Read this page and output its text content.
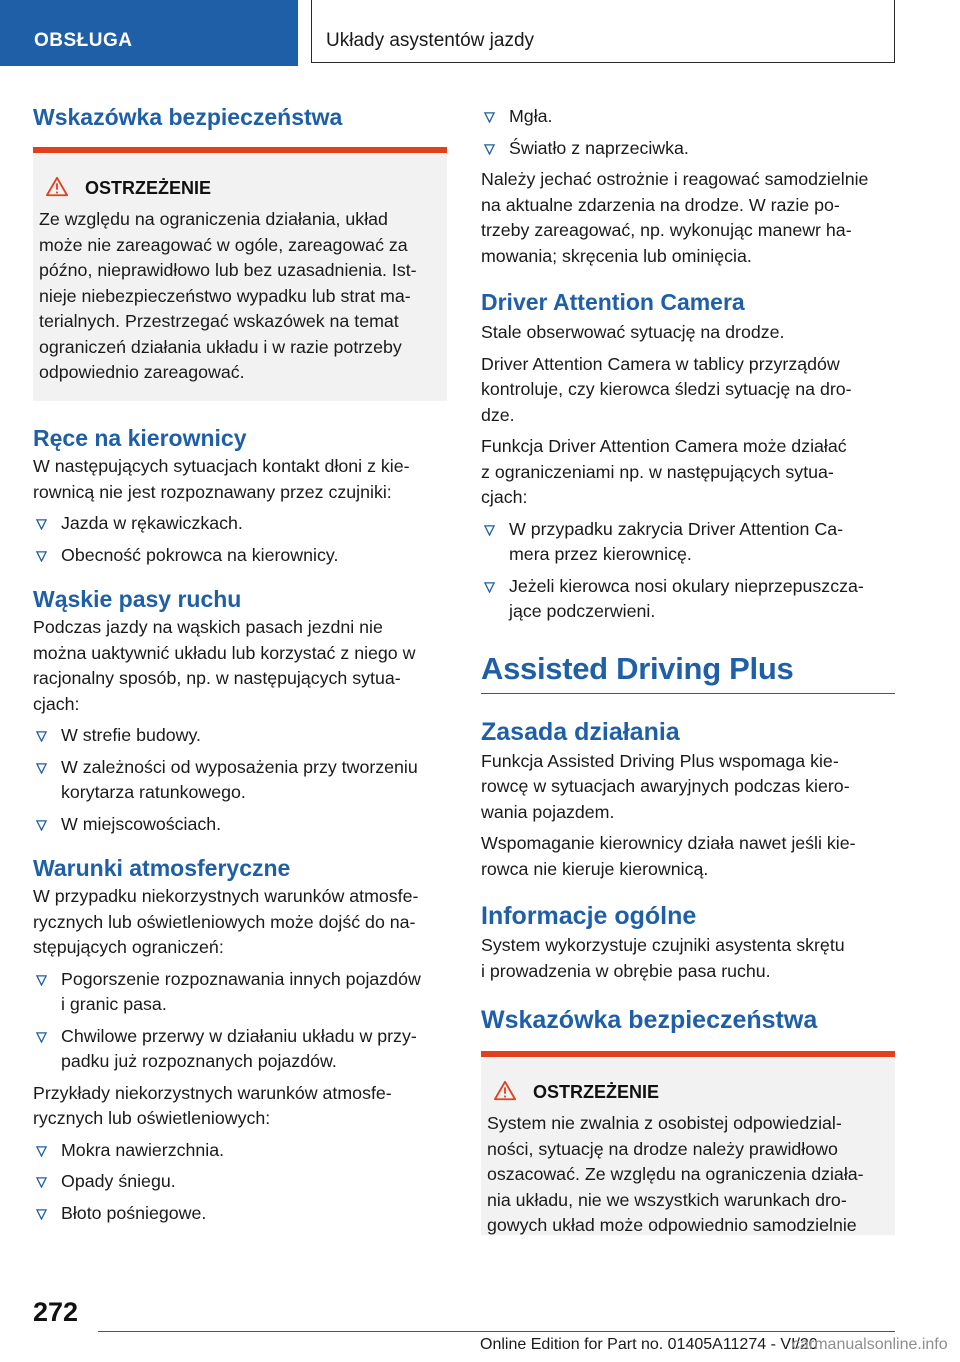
OBSŁUGA	Układy asystentów jazdy
Wskazówka bezpieczeństwa
OSTRZEŻENIE
Ze względu na ograniczenia działania, układ
może nie zareagować w ogóle, zareagować za
późno, nieprawidłowo lub bez uzasadnienia. Ist‐
nieje niebezpieczeństwo wypadku lub strat ma‐
terialnych. Przestrzegać wskazówek na temat
ograniczeń działania układu i w razie potrzeby
odpowiednio zareagować.
Ręce na kierownicy
W następujących sytuacjach kontakt dłoni z kie‐
rownicą nie jest rozpoznawany przez czujniki:
Jazda w rękawiczkach.
Obecność pokrowca na kierownicy.
Wąskie pasy ruchu
Podczas jazdy na wąskich pasach jezdni nie
można uaktywnić układu lub korzystać z niego w
racjonalny sposób, np. w następujących sytua‐
cjach:
W strefie budowy.
W zależności od wyposażenia przy tworzeniu
korytarza ratunkowego.
W miejscowościach.
Warunki atmosferyczne
W przypadku niekorzystnych warunków atmosfe‐
rycznych lub oświetleniowych może dojść do na‐
stępujących ograniczeń:
Pogorszenie rozpoznawania innych pojazdów
i granic pasa.
Chwilowe przerwy w działaniu układu w przy‐
padku już rozpoznanych pojazdów.
Przykłady niekorzystnych warunków atmosfe‐
rycznych lub oświetleniowych:
Mokra nawierzchnia.
Opady śniegu.
Błoto pośniegowe.
Mgła.
Światło z naprzeciwka.
Należy jechać ostrożnie i reagować samodzielnie
na aktualne zdarzenia na drodze. W razie po‐
trzeby zareagować, np. wykonując manewr ha‐
mowania; skręcenia lub ominięcia.
Driver Attention Camera
Stale obserwować sytuację na drodze.
Driver Attention Camera w tablicy przyrządów
kontroluje, czy kierowca śledzi sytuację na dro‐
dze.
Funkcja Driver Attention Camera może działać
z ograniczeniami np. w następujących sytua‐
cjach:
W przypadku zakrycia Driver Attention Ca‐
mera przez kierownicę.
Jeżeli kierowca nosi okulary nieprzepuszcza‐
jące podczerwieni.
Assisted Driving Plus
Zasada działania
Funkcja Assisted Driving Plus wspomaga kie‐
rowcę w sytuacjach awaryjnych podczas kiero‐
wania pojazdem.
Wspomaganie kierownicy działa nawet jeśli kie‐
rowca nie kieruje kierownicą.
Informacje ogólne
System wykorzystuje czujniki asystenta skrętu
i prowadzenia w obrębie pasa ruchu.
Wskazówka bezpieczeństwa
OSTRZEŻENIE
System nie zwalnia z osobistej odpowiedzial‐
ności, sytuację na drodze należy prawidłowo
oszacować. Ze względu na ograniczenia działa‐
nia układu, nie we wszystkich warunkach dro‐
gowych układ może odpowiednio samodzielnie
272
Online Edition for Part no. 01405A11274 - VI/20
carmanualsonline.info
